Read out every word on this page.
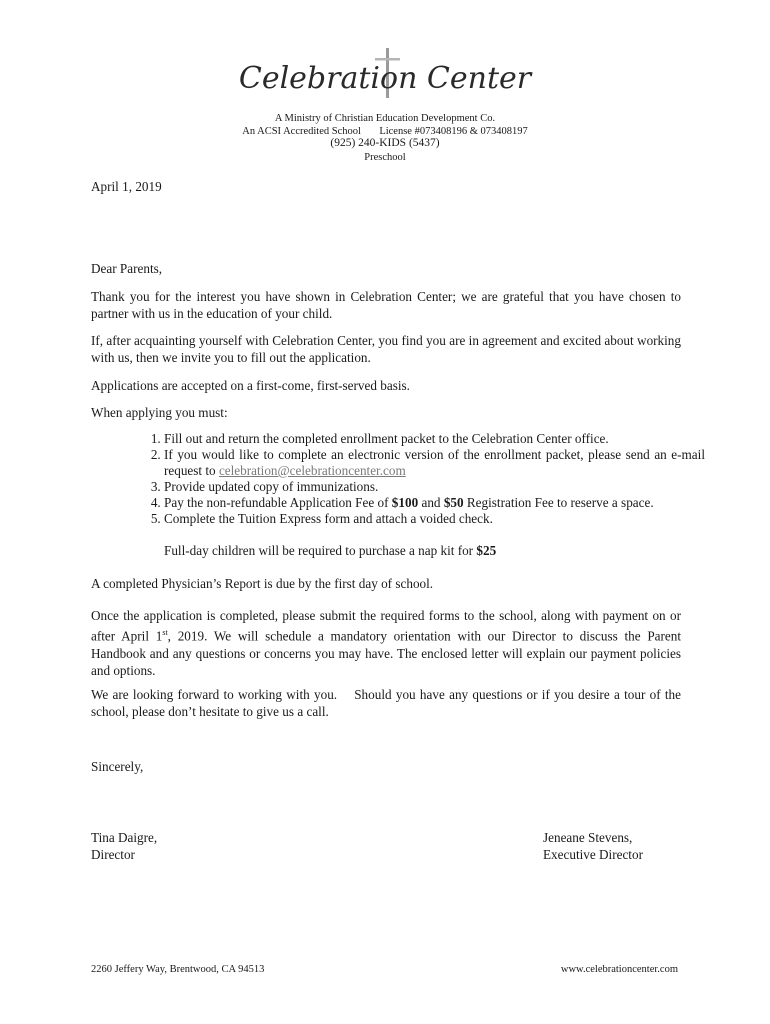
Celebration Center
A Ministry of Christian Education Development Co.
An ACSI Accredited School License #073408196 & 073408197
(925) 240-KIDS (5437)
Preschool

April 1, 2019

Dear Parents,

Thank you for the interest you have shown in Celebration Center; we are grateful that you have chosen to partner with us in the education of your child.

If, after acquainting yourself with Celebration Center, you find you are in agreement and excited about working with us, then we invite you to fill out the application.

Applications are accepted on a first-come, first-served basis.

When applying you must:

1. Fill out and return the completed enrollment packet to the Celebration Center office.
2. If you would like to complete an electronic version of the enrollment packet, please send an e-mail request to celebration@celebrationcenter.com
3. Provide updated copy of immunizations.
4. Pay the non-refundable Application Fee of $100 and $50 Registration Fee to reserve a space.
5. Complete the Tuition Express form and attach a voided check.

Full-day children will be required to purchase a nap kit for $25

A completed Physician’s Report is due by the first day of school.

Once the application is completed, please submit the required forms to the school, along with payment on or after April 1st, 2019. We will schedule a mandatory orientation with our Director to discuss the Parent Handbook and any questions or concerns you may have. The enclosed letter will explain our payment policies and options.

We are looking forward to working with you.    Should you have any questions or if you desire a tour of the school, please don’t hesitate to give us a call.

Sincerely,

Tina Daigre,
Director
Jeneane Stevens,
Executive Director
2260 Jeffery Way, Brentwood, CA 94513	www.celebrationcenter.com
